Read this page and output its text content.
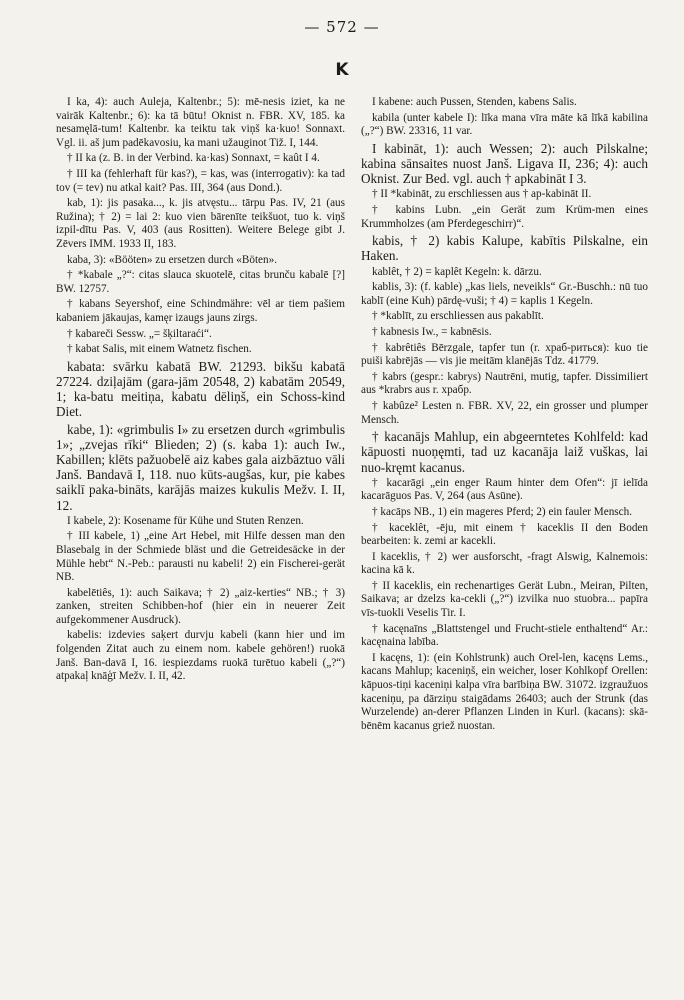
— 572 —
K

I ka, 4): auch Auleja, Kaltenbr.; 5): mē-nesis iziet, ka ne vairāk Kaltenbr.; 6): ka tā būtu! Oknist n. FBR. XV, 185. ka nesamęlā-tum! Kaltenbr. ka teiktu tak viņš ka·kuo! Sonnaxt. Vgl. ii. aš jum padēkavosiu, ka mani užauginot Tiž. I, 144.

† II ka (z. B. in der Verbind. ka·kas) Sonnaxt, = kaût I 4.

† III ka (fehlerhaft für kas?), = kas, was (interrogativ): ka tad tov (= tev) nu atkal kait? Pas. III, 364 (aus Dond.).

kab, 1): jis pasaka..., k. jis atvęstu... tārpu Pas. IV, 21 (aus Ružina); † 2) = lai 2: kuo vien bārenīte teikšuot, tuo k. viņš izpil-dītu Pas. V, 403 (aus Rositten). Weitere Belege gibt J. Zēvers IMM. 1933 II, 183.

kaba, 3): «Bööten» zu ersetzen durch «Böten».

† *kabale „?“: citas slauca skuotelē, citas brunču kabalē [?] BW. 12757.

† kabans Seyershof, eine Schindmähre: vēl ar tiem pašiem kabaniem jākaujas, kamęr izaugs jauns zirgs.

† kabareči Sessw. „= šķiltaraći“.

† kabat Salis, mit einem Watnetz fischen.

kabata: svārku kabatā BW. 21293. bikšu kabatā 27224. dziļajām (gara-jām 20548, 2) kabatām 20549, 1; ka-batu meitiņa, kabatu dēliņš, ein Schoss-kind Diet.

kabe, 1): «grimbulis I» zu ersetzen durch «grimbulis 1»; „zvejas rīki“ Blieden; 2) (s. kaba 1): auch Iw., Kabillen; klēts pažuobelē aiz kabes gala aizbāztuo vāli Janš. Bandavā I, 118. nuo kūts-augšas, kur, pie kabes saiklī paka-bināts, karājās maizes kukulis Mežv. I. II, 12.

I kabele, 2): Kosename für Kühe und Stuten Renzen.

† III kabele, 1) „eine Art Hebel, mit Hilfe dessen man den Blasebalg in der Schmiede bläst und die Getreidesäcke in der Mühle hebt“ N.-Peb.: parausti nu kabeli! 2) ein Fischerei-gerät NB.

kabelētiês, 1): auch Saikava; † 2) „aiz-kerties“ NB.; † 3) zanken, streiten Schibben-hof (hier ein in neuerer Zeit aufgekommener Ausdruck).

kabelis: izdevies saķert durvju kabeli (kann hier und im folgenden Zitat auch zu einem nom. kabele gehören!) ruokā Janš. Ban-davā I, 16. iespiezdams ruokā turētuo kabeli („?“) atpakaļ knāģī Mežv. I. II, 42.

I kabene: auch Pussen, Stenden, kabens Salis.

kabila (unter kabele I): līka mana vīra māte kā līkā kabilina („?“) BW. 23316, 11 var.

I kabināt, 1): auch Wessen; 2): auch Pilskalne; kabina sānsaites nuost Janš. Ligava II, 236; 4): auch Oknist. Zur Bed. vgl. auch † apkabināt I 3.

† II *kabināt, zu erschliessen aus † ap-kabināt II.

† kabins Lubn. „ein Gerät zum Krüm-men eines Krummholzes (am Pferdegeschirr)“.

kabis, † 2) kabis Kalupe, kabītis Pilskalne, ein Haken.

kablêt, † 2) = kaplêt Kegeln: k. dārzu.

kablis, 3): (f. kable) „kas liels, neveikls“ Gr.-Buschh.: nū tuo kablī (eine Kuh) pārdę-vuši; † 4) = kaplis 1 Kegeln.

† *kablīt, zu erschliessen aus pakablīt.

† kabnesis Iw., = kabnēsis.

† kabrêtiês Bērzgale, tapfer tun (r. храб-риться): kuo tie puiši kabrējās — vis jie meitām klanējās Tdz. 41779.

† kabrs (gespr.: kabrys) Nautrēni, mutig, tapfer. Dissimiliert aus *krabrs aus r. храбр.

† kabûze² Lesten n. FBR. XV, 22, ein grosser und plumper Mensch.

† kacanājs Mahlup, ein abgeerntetes Kohlfeld: kad kāpuosti nuoņęmti, tad uz kacanāja laiž vuškas, lai nuo-kręmt kacanus.

† kacarāgi „ein enger Raum hinter dem Ofen“: jī ielīda kacarāguos Pas. V, 264 (aus Asūne).

† kacāps NB., 1) ein mageres Pferd; 2) ein fauler Mensch.

† kaceklêt, -ēju, mit einem † kaceklis II den Boden bearbeiten: k. zemi ar kacekli.

I kaceklis, † 2) wer ausforscht, -fragt Alswig, Kalnemois: kacina kā k.

† II kaceklis, ein rechenartiges Gerät Lubn., Meiran, Pilten, Saikava; ar dzelzs ka-cekli („?“) izvilka nuo stuobra... papīra vīs-tuokli Veselis Tir. I.

† kacęnaīns „Blattstengel und Frucht-stiele enthaltend“ Ar.: kacęnaina labība.

I kacęns, 1): (ein Kohlstrunk) auch Orel-len, kacęns Lems., kacans Mahlup; kaceniņš, ein weicher, loser Kohlkopf Orellen: kāpuos-tiņi kaceniņi kalpa vīra barībiņa BW. 31072. izgraužuos kaceniņu, pa dārziņu staigādams 26403; auch der Strunk (das Wurzelende) an-derer Pflanzen Linden in Kurl. (kacans): skā-bēnēm kacanus griež nuostan.
